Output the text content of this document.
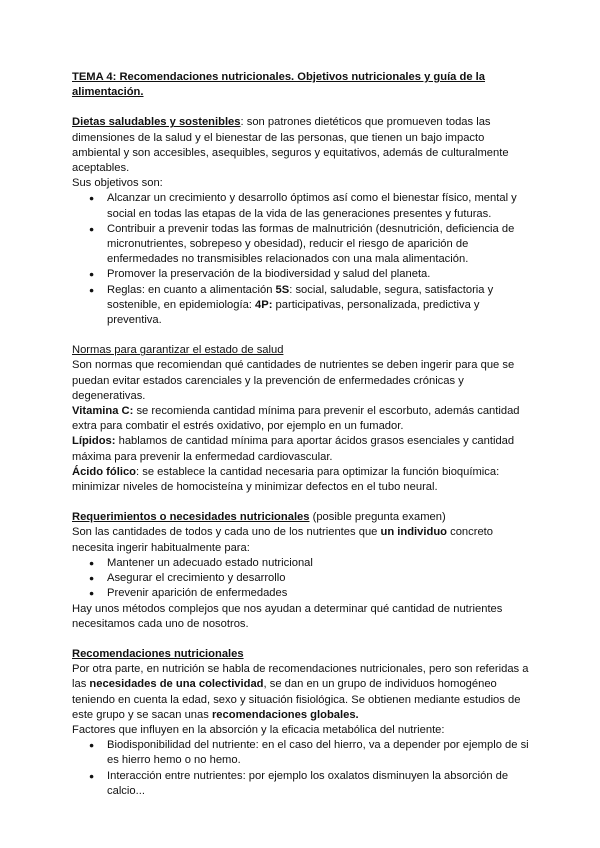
TEMA 4: Recomendaciones nutricionales. Objetivos nutricionales y guía de la alimentación.

Dietas saludables y sostenibles: son patrones dietéticos que promueven todas las dimensiones de la salud y el bienestar de las personas, que tienen un bajo impacto ambiental y son accesibles, asequibles, seguros y equitativos, además de culturalmente aceptables.

Sus objetivos son:

● Alcanzar un crecimiento y desarrollo óptimos así como el bienestar físico, mental y social en todas las etapas de la vida de las generaciones presentes y futuras.
● Contribuir a prevenir todas las formas de malnutrición (desnutrición, deficiencia de micronutrientes, sobrepeso y obesidad), reducir el riesgo de aparición de enfermedades no transmisibles relacionados con una mala alimentación.
● Promover la preservación de la biodiversidad y salud del planeta.
● Reglas: en cuanto a alimentación 5S: social, saludable, segura, satisfactoria y sostenible, en epidemiología: 4P: participativas, personalizada, predictiva y preventiva.

Normas para garantizar el estado de salud

Son normas que recomiendan qué cantidades de nutrientes se deben ingerir para que se puedan evitar estados carenciales y la prevención de enfermedades crónicas y degenerativas.

Vitamina C: se recomienda cantidad mínima para prevenir el escorbuto, además cantidad extra para combatir el estrés oxidativo, por ejemplo en un fumador.

Lípidos: hablamos de cantidad mínima para aportar ácidos grasos esenciales y cantidad máxima para prevenir la enfermedad cardiovascular.

Ácido fólico: se establece la cantidad necesaria para optimizar la función bioquímica: minimizar niveles de homocisteína y minimizar defectos en el tubo neural.

Requerimientos o necesidades nutricionales (posible pregunta examen)

Son las cantidades de todos y cada uno de los nutrientes que un individuo concreto necesita ingerir habitualmente para:

● Mantener un adecuado estado nutricional
● Asegurar el crecimiento y desarrollo
● Prevenir aparición de enfermedades

Hay unos métodos complejos que nos ayudan a determinar qué cantidad de nutrientes necesitamos cada uno de nosotros.

Recomendaciones nutricionales

Por otra parte, en nutrición se habla de recomendaciones nutricionales, pero son referidas a las necesidades de una colectividad, se dan en un grupo de individuos homogéneo teniendo en cuenta la edad, sexo y situación fisiológica. Se obtienen mediante estudios de este grupo y se sacan unas recomendaciones globales.

Factores que influyen en la absorción y la eficacia metabólica del nutriente:

● Biodisponibilidad del nutriente: en el caso del hierro, va a depender por ejemplo de si es hierro hemo o no hemo.
● Interacción entre nutrientes: por ejemplo los oxalatos disminuyen la absorción de calcio...
